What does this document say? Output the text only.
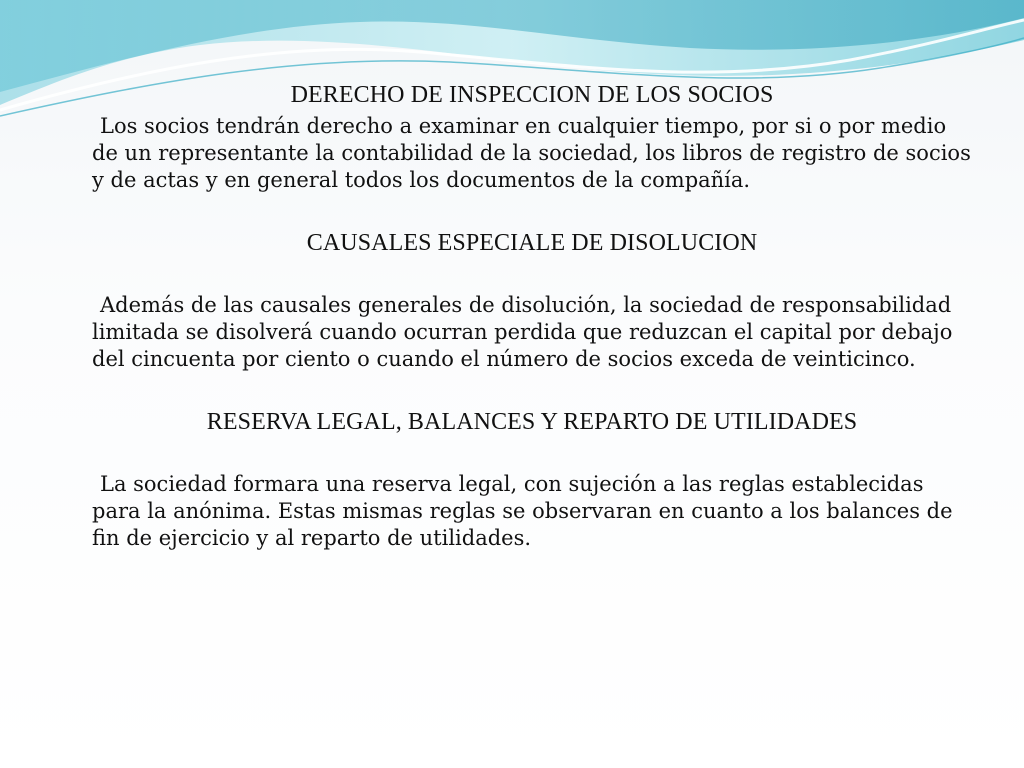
DERECHO DE INSPECCION DE LOS SOCIOS

Los socios tendrán derecho a examinar en cualquier tiempo, por si o por medio de un representante la contabilidad de la sociedad, los libros de registro de socios y de actas y en general todos los documentos de la compañía.

CAUSALES ESPECIALE DE DISOLUCION

Además de las causales generales de disolución, la sociedad de responsabilidad limitada se disolverá cuando ocurran perdida que reduzcan el capital por debajo del cincuenta por ciento o cuando el número de socios exceda de veinticinco.

RESERVA LEGAL, BALANCES Y REPARTO DE UTILIDADES

La sociedad formara una reserva legal, con sujeción a las reglas establecidas para la anónima. Estas mismas reglas se observaran en cuanto a los balances de fin de ejercicio y al reparto de utilidades.
